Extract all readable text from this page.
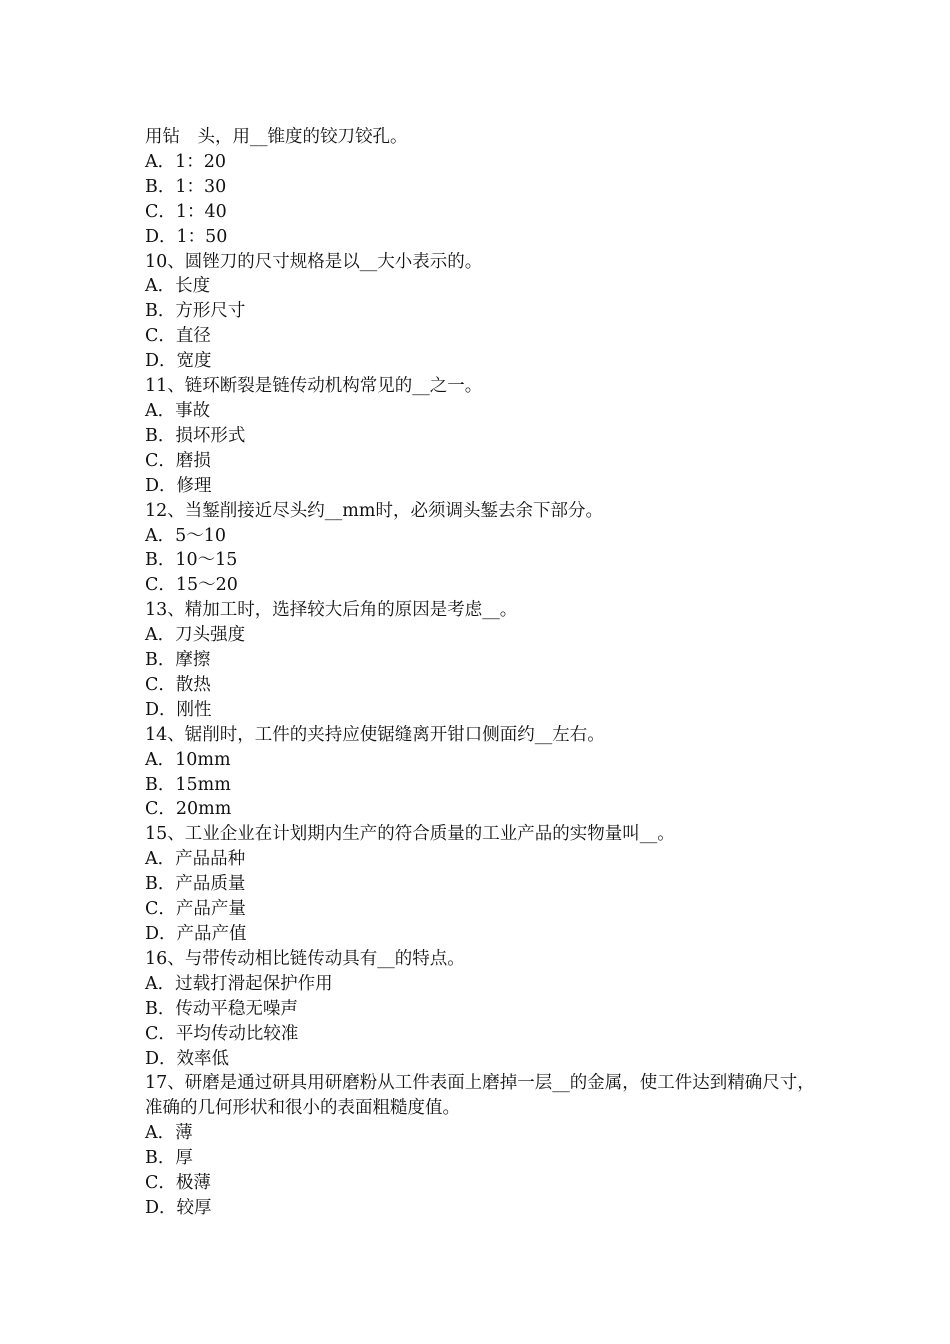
用钻　头，用__锥度的铰刀铰孔。

A．1：20

B．1：30

C．1：40

D．1：50

10、圆锉刀的尺寸规格是以__大小表示的。

A．长度

B．方形尺寸

C．直径

D．宽度

11、链环断裂是链传动机构常见的__之一。

A．事故

B．损坏形式

C．磨损

D．修理

12、当錾削接近尽头约__mm时，必须调头錾去余下部分。

A．5～10

B．10～15

C．15～20

13、精加工时，选择较大后角的原因是考虑__。

A．刀头强度

B．摩擦

C．散热

D．刚性

14、锯削时，工件的夹持应使锯缝离开钳口侧面约__左右。

A．10mm

B．15mm

C．20mm

15、工业企业在计划期内生产的符合质量的工业产品的实物量叫__。

A．产品品种

B．产品质量

C．产品产量

D．产品产值

16、与带传动相比链传动具有__的特点。

A．过载打滑起保护作用

B．传动平稳无噪声

C．平均传动比较准

D．效率低

17、研磨是通过研具用研磨粉从工件表面上磨掉一层__的金属，使工件达到精确尺寸，准确的几何形状和很小的表面粗糙度值。

A．薄

B．厚

C．极薄

D．较厚
